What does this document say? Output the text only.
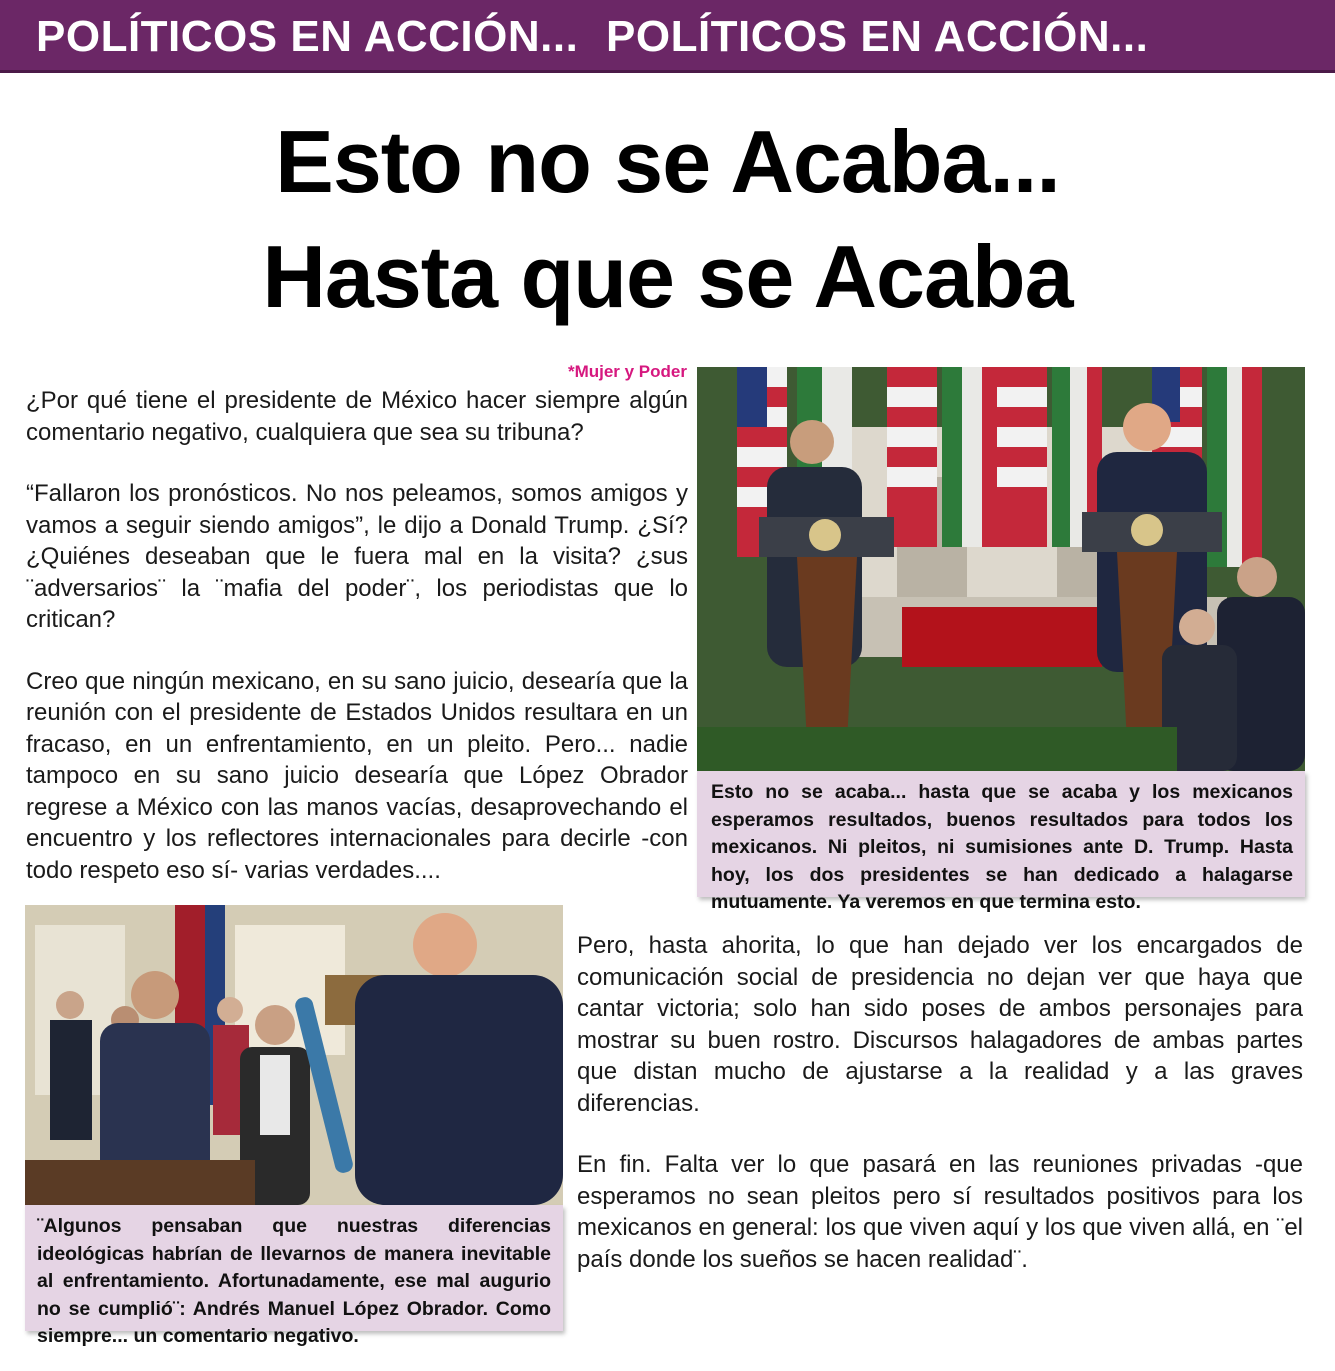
POLÍTICOS EN ACCIÓN... POLÍTICOS EN ACCIÓN...
Esto no se Acaba...
Hasta que se Acaba
*Mujer y Poder

¿Por qué tiene el presidente de México hacer siempre algún comentario negativo, cualquiera que sea su tribuna?

“Fallaron los pronósticos. No nos peleamos, somos amigos y vamos a seguir siendo amigos”, le dijo a Donald Trump. ¿Sí? ¿Quiénes deseaban que le fuera mal en la visita? ¿sus ¨adversarios¨ la ¨mafia del poder¨, los periodistas que lo critican?

Creo que ningún mexicano, en su sano juicio, desearía que la reunión con el presidente de Estados Unidos resultara en un fracaso, en un enfrentamiento, en un pleito. Pero... nadie tampoco en su sano juicio desearía que López Obrador regrese a México con las manos vacías, desaprovechando el encuentro y los reflectores internacionales para decirle -con todo respeto eso sí- varias verdades....

Esto no se acaba... hasta que se acaba y los mexicanos esperamos resultados, buenos resultados para todos los mexicanos. Ni pleitos, ni sumisiones ante D. Trump. Hasta hoy, los dos presidentes se han dedicado a halagarse mutuamente. Ya veremos en que termina esto.
¨Algunos pensaban que nuestras diferencias ideológicas habrían de llevarnos de manera inevitable al enfrentamiento. Afortunadamente, ese mal augurio no se cumplió¨: Andrés Manuel López Obrador. Como siempre... un comentario negativo.

Pero, hasta ahorita, lo que han dejado ver los encargados de comunicación social de presidencia no dejan ver que haya que cantar victoria; solo han sido poses de ambos personajes para mostrar su buen rostro. Discursos halagadores de ambas partes que distan mucho de ajustarse a la realidad y a las graves diferencias.

En fin. Falta ver lo que pasará en las reuniones privadas -que esperamos no sean pleitos pero sí resultados positivos para los mexicanos en general: los que viven aquí y los que viven allá, en ¨el país donde los sueños se hacen realidad¨.
